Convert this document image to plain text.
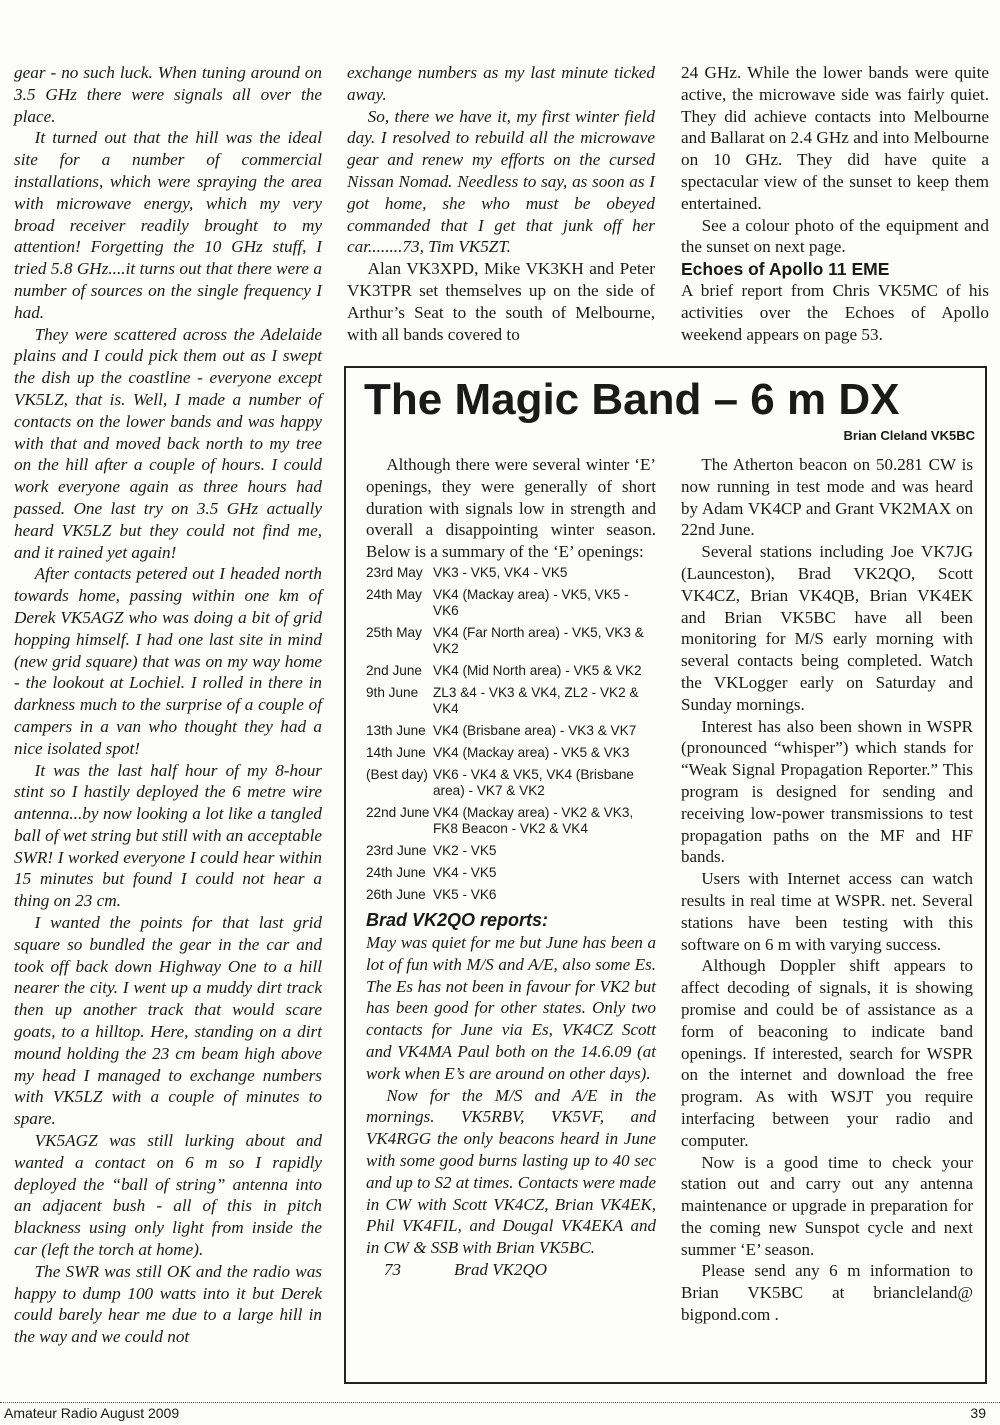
gear - no such luck. When tuning around on 3.5 GHz there were signals all over the place.

It turned out that the hill was the ideal site for a number of commercial installations, which were spraying the area with microwave energy, which my very broad receiver readily brought to my attention! Forgetting the 10 GHz stuff, I tried 5.8 GHz....it turns out that there were a number of sources on the single frequency I had.

They were scattered across the Adelaide plains and I could pick them out as I swept the dish up the coastline - everyone except VK5LZ, that is. Well, I made a number of contacts on the lower bands and was happy with that and moved back north to my tree on the hill after a couple of hours. I could work everyone again as three hours had passed. One last try on 3.5 GHz actually heard VK5LZ but they could not find me, and it rained yet again!

After contacts petered out I headed north towards home, passing within one km of Derek VK5AGZ who was doing a bit of grid hopping himself. I had one last site in mind (new grid square) that was on my way home - the lookout at Lochiel. I rolled in there in darkness much to the surprise of a couple of campers in a van who thought they had a nice isolated spot!

It was the last half hour of my 8-hour stint so I hastily deployed the 6 metre wire antenna...by now looking a lot like a tangled ball of wet string but still with an acceptable SWR! I worked everyone I could hear within 15 minutes but found I could not hear a thing on 23 cm.

I wanted the points for that last grid square so bundled the gear in the car and took off back down Highway One to a hill nearer the city. I went up a muddy dirt track then up another track that would scare goats, to a hilltop. Here, standing on a dirt mound holding the 23 cm beam high above my head I managed to exchange numbers with VK5LZ with a couple of minutes to spare.

VK5AGZ was still lurking about and wanted a contact on 6 m so I rapidly deployed the “ball of string” antenna into an adjacent bush - all of this in pitch blackness using only light from inside the car (left the torch at home).

The SWR was still OK and the radio was happy to dump 100 watts into it but Derek could barely hear me due to a large hill in the way and we could not

exchange numbers as my last minute ticked away.

So, there we have it, my first winter field day. I resolved to rebuild all the microwave gear and renew my efforts on the cursed Nissan Nomad. Needless to say, as soon as I got home, she who must be obeyed commanded that I get that junk off her car........73, Tim VK5ZT.

Alan VK3XPD, Mike VK3KH and Peter VK3TPR set themselves up on the side of Arthur’s Seat to the south of Melbourne, with all bands covered to

24 GHz. While the lower bands were quite active, the microwave side was fairly quiet. They did achieve contacts into Melbourne and Ballarat on 2.4 GHz and into Melbourne on 10 GHz. They did have quite a spectacular view of the sunset to keep them entertained.

See a colour photo of the equipment and the sunset on next page.

Echoes of Apollo 11 EME

A brief report from Chris VK5MC of his activities over the Echoes of Apollo weekend appears on page 53.

The Magic Band – 6 m DX
Brian Cleland VK5BC

Although there were several winter ‘E’ openings, they were generally of short duration with signals low in strength and overall a disappointing winter season. Below is a summary of the ‘E’ openings:

23rd May VK3 - VK5, VK4 - VK5
24th May VK4 (Mackay area) - VK5, VK5 - VK6
25th May VK4 (Far North area) - VK5, VK3 & VK2
2nd June VK4 (Mid North area) - VK5 & VK2
9th June	ZL3 &4 - VK3 & VK4, ZL2 - VK2 & VK4
13th June VK4 (Brisbane area) - VK3 & VK7
14th June VK4 (Mackay area) - VK5 & VK3
(Best day) VK6 - VK4 & VK5, VK4 (Brisbane area) - VK7 & VK2
22nd June VK4 (Mackay area) - VK2 & VK3, FK8 Beacon - VK2 & VK4
23rd June VK2 - VK5
24th June VK4 - VK5
26th June VK5 - VK6
Brad VK2QO reports:

May was quiet for me but June has been a lot of fun with M/S and A/E, also some Es. The Es has not been in favour for VK2 but has been good for other states. Only two contacts for June via Es, VK4CZ Scott and VK4MA Paul both on the 14.6.09 (at work when E’s are around on other days).

Now for the M/S and A/E in the mornings. VK5RBV, VK5VF, and VK4RGG the only beacons heard in June with some good burns lasting up to 40 sec and up to S2 at times. Contacts were made in CW with Scott VK4CZ, Brian VK4EK, Phil VK4FIL, and Dougal VK4EKA and in CW & SSB with Brian VK5BC.

73	Brad VK2QO

The Atherton beacon on 50.281 CW is now running in test mode and was heard by Adam VK4CP and Grant VK2MAX on 22nd June.

Several stations including Joe VK7JG (Launceston), Brad VK2QO, Scott VK4CZ, Brian VK4QB, Brian VK4EK and Brian VK5BC have all been monitoring for M/S early morning with several contacts being completed. Watch the VKLogger early on Saturday and Sunday mornings.

Interest has also been shown in WSPR (pronounced “whisper”) which stands for “Weak Signal Propagation Reporter.” This program is designed for sending and receiving low-power transmissions to test propagation paths on the MF and HF bands.

Users with Internet access can watch results in real time at WSPR. net. Several stations have been testing with this software on 6 m with varying success.

Although Doppler shift appears to affect decoding of signals, it is showing promise and could be of assistance as a form of beaconing to indicate band openings. If interested, search for WSPR on the internet and download the free program. As with WSJT you require interfacing between your radio and computer.

Now is a good time to check your station out and carry out any antenna maintenance or upgrade in preparation for the coming new Sunspot cycle and next summer ‘E’ season.

Please send any 6 m information to Brian VK5BC at briancleland@ bigpond.com .

Amateur Radio August 2009	39
